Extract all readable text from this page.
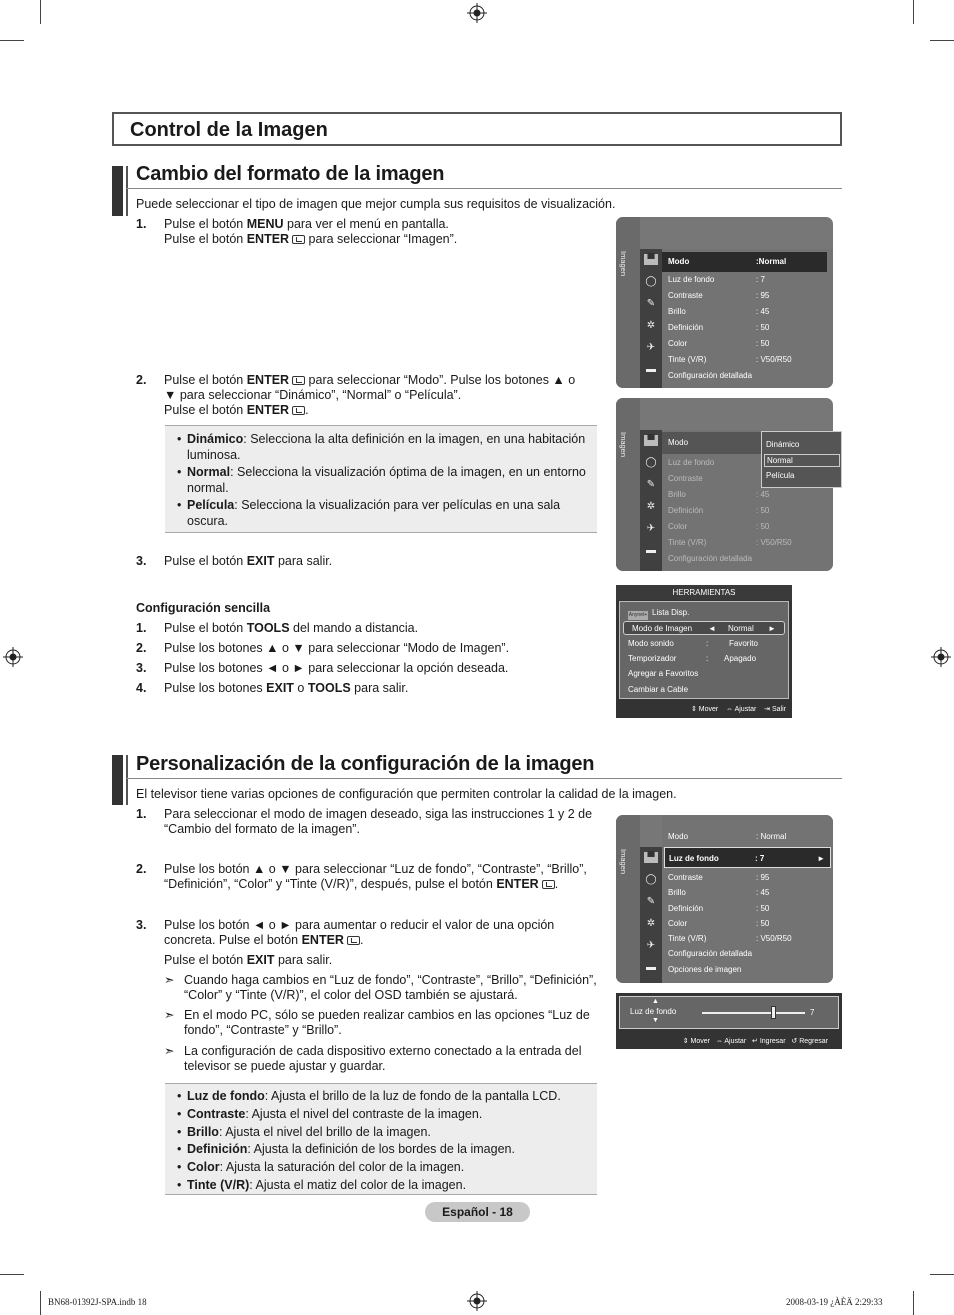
Control de la Imagen
Cambio del formato de la imagen
Puede seleccionar el tipo de imagen que mejor cumpla sus requisitos de visualización.
1. Pulse el botón MENU para ver el menú en pantalla.
Pulse el botón ENTER para seleccionar “Imagen”.
2. Pulse el botón ENTER para seleccionar “Modo”. Pulse los botones ▲ o
▼ para seleccionar “Dinámico”, “Normal” o “Película”.
Pulse el botón ENTER .
• Dinámico: Selecciona la alta definición en la imagen, en una habitación luminosa.
• Normal: Selecciona la visualización óptima de la imagen, en un entorno normal.
• Película: Selecciona la visualización para ver películas en una sala oscura.
3. Pulse el botón EXIT para salir.
Configuración sencilla
1. Pulse el botón TOOLS del mando a distancia.
2. Pulse los botones ▲ o ▼ para seleccionar “Modo de Imagen”.
3. Pulse los botones ◄ o ► para seleccionar la opción deseada.
4. Pulse los botones EXIT o TOOLS para salir.
Imagen	▀
◯
✎
✲
✈
▬
Modo	:Normal
Luz de fondo	: 7
Contraste	: 95
Brillo	: 45
Definición	: 50
Color	: 50
Tinte (V/R)	: V50/R50
Configuración detallada
Imagen	▀
◯
✎
✲
✈
▬
Modo
Luz de fondo
Contraste
Brillo	: 45
Definición	: 50
Color	: 50
Tinte (V/R)	: V50/R50
Configuración detallada
Dinámico
Normal
Película
HERRAMIENTAS
Anynet+ Lista Disp.
Modo de Imagen ◄ Normal ►
Modo sonido	:	Favorito
Temporizador	: Apagado
Agregar a Favoritos
Cambiar a Cable
⇕ Mover ⇔ Ajustar ⇥ Salir
Personalización de la configuración de la imagen
El televisor tiene varias opciones de configuración que permiten controlar la calidad de la imagen.
1. Para seleccionar el modo de imagen deseado, siga las instrucciones 1 y 2 de “Cambio del formato de la imagen”.
2. Pulse los botón ▲ o ▼ para seleccionar “Luz de fondo”, “Contraste”, “Brillo”,
“Definición”, “Color” y “Tinte (V/R)”, después, pulse el botón ENTER .
3. Pulse los botón ◄ o ► para aumentar o reducir el valor de una opción
concreta. Pulse el botón ENTER .
Pulse el botón EXIT para salir.
➣ Cuando haga cambios en “Luz de fondo”, “Contraste”, “Brillo”, “Definición”, “Color” y “Tinte (V/R)”, el color del OSD también se ajustará.
➣ En el modo PC, sólo se pueden realizar cambios en las opciones “Luz de fondo”, “Contraste” y “Brillo”.
➣ La configuración de cada dispositivo externo conectado a la entrada del televisor se puede ajustar y guardar.
• Luz de fondo: Ajusta el brillo de la luz de fondo de la pantalla LCD.
• Contraste: Ajusta el nivel del contraste de la imagen.
• Brillo: Ajusta el nivel del brillo de la imagen.
• Definición: Ajusta la definición de los bordes de la imagen.
• Color: Ajusta la saturación del color de la imagen.
• Tinte (V/R): Ajusta el matiz del color de la imagen.
Imagen	▀
◯
✎
✲
✈
▬
Modo	: Normal
Luz de fondo	: 7	►
Contraste	: 95
Brillo	: 45
Definición	: 50
Color	: 50
Tinte (V/R)	: V50/R50
Configuración detallada
Opciones de imagen
▲
▼
Luz de fondo	7
⇕ Mover ⇔ Ajustar ↵ Ingresar ↺ Regresar
Español - 18
BN68-01392J-SPA.indb 18	2008-03-19 ¿ÀÈÄ 2:29:33
